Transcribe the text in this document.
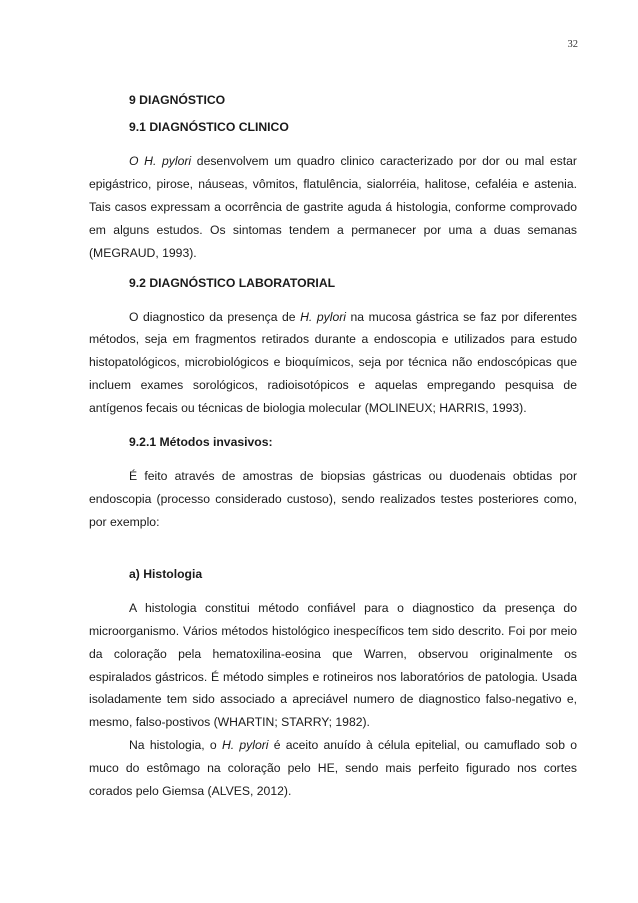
32
9 DIAGNÓSTICO
9.1 DIAGNÓSTICO CLINICO

O H. pylori desenvolvem um quadro clinico caracterizado por dor ou mal estar epigástrico, pirose, náuseas, vômitos, flatulência, sialorréia, halitose, cefaléia e astenia. Tais casos expressam a ocorrência de gastrite aguda á histologia, conforme comprovado em alguns estudos. Os sintomas tendem a permanecer por uma a duas semanas (MEGRAUD, 1993).

9.2 DIAGNÓSTICO LABORATORIAL

O diagnostico da presença de H. pylori na mucosa gástrica se faz por diferentes métodos, seja em fragmentos retirados durante a endoscopia e utilizados para estudo histopatológicos, microbiológicos e bioquímicos, seja por técnica não endoscópicas que incluem exames sorológicos, radioisotópicos e aquelas empregando pesquisa de antígenos fecais ou técnicas de biologia molecular (MOLINEUX; HARRIS, 1993).

9.2.1 Métodos invasivos:

É feito através de amostras de biopsias gástricas ou duodenais obtidas por endoscopia (processo considerado custoso), sendo realizados testes posteriores como, por exemplo:

a) Histologia

A histologia constitui método confiável para o diagnostico da presença do microorganismo. Vários métodos histológico inespecíficos tem sido descrito. Foi por meio da coloração pela hematoxilina-eosina que Warren, observou originalmente os espiralados gástricos. É método simples e rotineiros nos laboratórios de patologia. Usada isoladamente tem sido associado a apreciável numero de diagnostico falso-negativo e, mesmo, falso-postivos (WHARTIN; STARRY; 1982).

Na histologia, o H. pylori é aceito anuído à célula epitelial, ou camuflado sob o muco do estômago na coloração pelo HE, sendo mais perfeito figurado nos cortes corados pelo Giemsa (ALVES, 2012).
